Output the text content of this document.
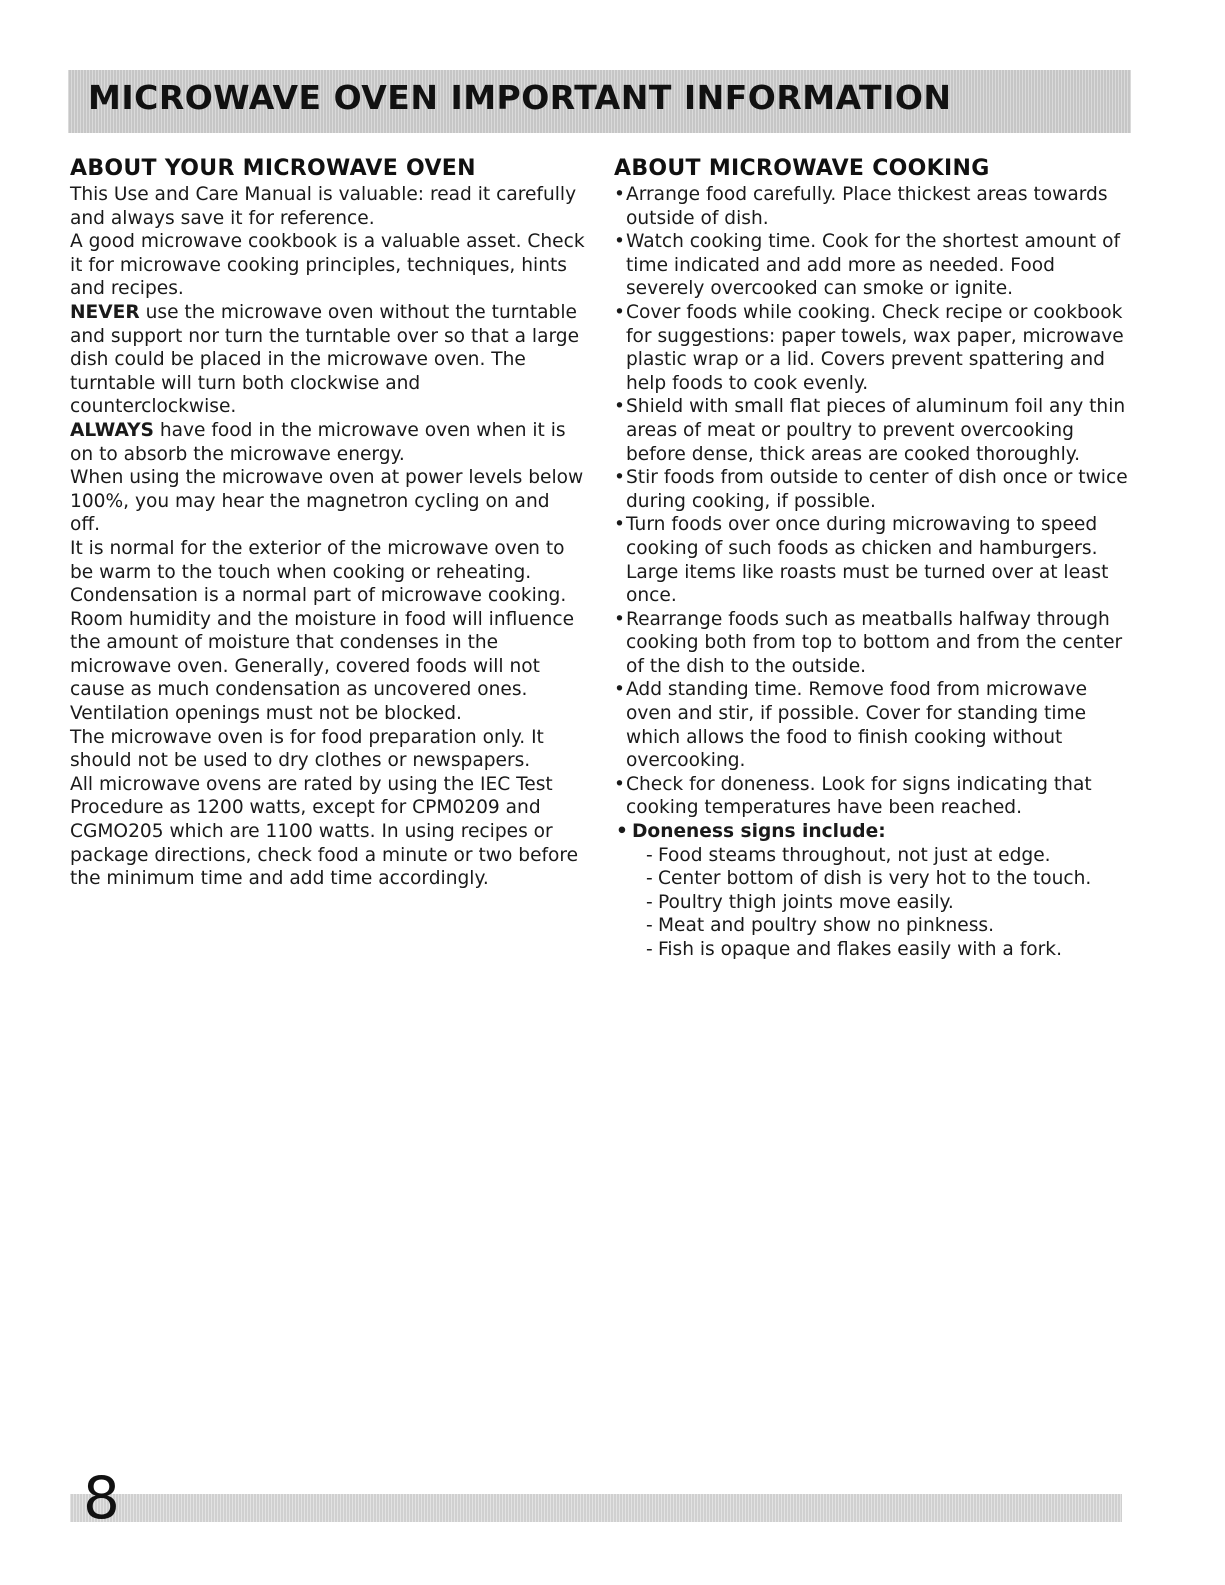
MICROWAVE OVEN IMPORTANT INFORMATION
ABOUT YOUR MICROWAVE OVEN

This Use and Care Manual is valuable: read it carefully and always save it for reference.

A good microwave cookbook is a valuable asset. Check it for microwave cooking principles, techniques, hints and recipes.

NEVER use the microwave oven without the turntable and support nor turn the turntable over so that a large dish could be placed in the microwave oven. The turntable will turn both clockwise and counterclockwise.

ALWAYS have food in the microwave oven when it is on to absorb the microwave energy.

When using the microwave oven at power levels below 100%, you may hear the magnetron cycling on and off.

It is normal for the exterior of the microwave oven to be warm to the touch when cooking or reheating.

Condensation is a normal part of microwave cooking. Room humidity and the moisture in food will influence the amount of moisture that condenses in the microwave oven. Generally, covered foods will not cause as much condensation as uncovered ones. Ventilation openings must not be blocked.

The microwave oven is for food preparation only. It should not be used to dry clothes or newspapers.

All microwave ovens are rated by using the IEC Test Procedure as 1200 watts, except for CPM0209 and CGMO205 which are 1100 watts. In using recipes or package directions, check food a minute or two before the minimum time and add time accordingly.

ABOUT MICROWAVE COOKING
• Arrange food carefully. Place thickest areas towards outside of dish.
• Watch cooking time. Cook for the shortest amount of time indicated and add more as needed. Food severely overcooked can smoke or ignite.
• Cover foods while cooking. Check recipe or cookbook for suggestions: paper towels, wax paper, microwave plastic wrap or a lid. Covers prevent spattering and help foods to cook evenly.
• Shield with small flat pieces of aluminum foil any thin areas of meat or poultry to prevent overcooking before dense, thick areas are cooked thoroughly.
• Stir foods from outside to center of dish once or twice during cooking, if possible.
• Turn foods over once during microwaving to speed cooking of such foods as chicken and hamburgers. Large items like roasts must be turned over at least once.
• Rearrange foods such as meatballs halfway through cooking both from top to bottom and from the center of the dish to the outside.
• Add standing time. Remove food from microwave oven and stir, if possible. Cover for standing time which allows the food to finish cooking without overcooking.
• Check for doneness. Look for signs indicating that cooking temperatures have been reached.
• Doneness signs include:
- Food steams throughout, not just at edge.
- Center bottom of dish is very hot to the touch.
- Poultry thigh joints move easily.
- Meat and poultry show no pinkness.
- Fish is opaque and flakes easily with a fork.
8
